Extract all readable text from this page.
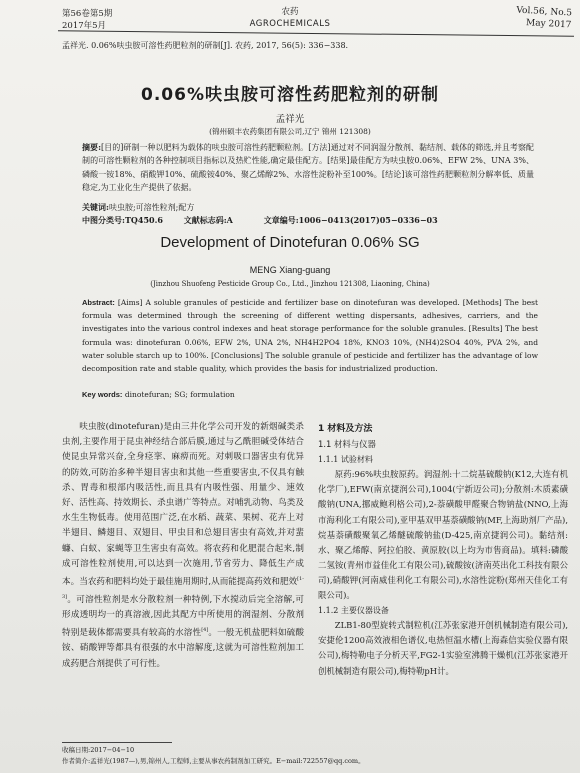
第56卷第5期
2017年5月
农药
AGROCHEMICALS
Vol.56, No.5
May 2017
孟祥光. 0.06%呋虫胺可溶性药肥粒剂的研制[J]. 农药, 2017, 56(5): 336−338.
0.06%呋虫胺可溶性药肥粒剂的研制
孟祥光
(锦州硕丰农药集团有限公司,辽宁 锦州 121308)
摘要:[目的]研制一种以肥料为载体的呋虫胺可溶性药肥颗粒剂。[方法]通过对不同润湿分散剂、黏结剂、载体的筛选,并且考察配制的可溶性颗粒剂的各种控制项目指标以及热贮性能,确定最佳配方。[结果]最佳配方为呋虫胺0.06%、EFW 2%、UNA 3%、磷酸一铵18%、硝酸钾10%、硫酸铵40%、聚乙烯醇2%、水溶性淀粉补至100%。[结论]该可溶性药肥颗粒剂分解率低、质量稳定,为工业化生产提供了依据。
关键词:呋虫胺;可溶性粒剂;配方
中图分类号:TQ450.6	文献标志码:A	文章编号:1006−0413(2017)05−0336−03
Development of Dinotefuran 0.06% SG
MENG Xiang-guang
(Jinzhou Shuofeng Pesticide Group Co., Ltd., Jinzhou 121308, Liaoning, China)
Abstract: [Aims] A soluble granules of pesticide and fertilizer base on dinotefuran was developed. [Methods] The best formula was determined through the screening of different wetting dispersants, adhesives, carriers, and the investigates into the various control indexes and heat storage performance for the soluble granules. [Results] The best formula was: dinotefuran 0.06%, EFW 2%, UNA 2%, NH4H2PO4 18%, KNO3 10%, (NH4)2SO4 40%, PVA 2%, and water soluble starch up to 100%. [Conclusions] The soluble granule of pesticide and fertilizer has the advantage of low decomposition rate and stable quality, which provides the basis for industrialized production.
Key words: dinotefuran; SG; formulation
呋虫胺(dinotefuran)是由三井化学公司开发的新烟碱类杀虫剂,主要作用于昆虫神经结合部后膜,通过与乙酰胆碱受体结合使昆虫异常兴奋,全身痉挛、麻痹而死。对刺吸口器害虫有优异的防效,可防治多种半翅目害虫和其他一些重要害虫,不仅具有触杀、胃毒和根部内吸活性,而且具有内吸性强、用量少、速效好、活性高、持效期长、杀虫谱广等特点。对哺乳动物、鸟类及水生生物低毒。使用范围广泛,在水稻、蔬菜、果树、花卉上对半翅目、鳞翅目、双翅目、甲虫目和总翅目害虫有高效,并对蜚蠊、白蚁、家蝇等卫生害虫有高效。将农药和化肥混合起来,制成可溶性粒剂使用,可以达到一次施用,节省劳力、降低生产成本。当农药和肥料均处于最佳施用期时,从而能提高药效和肥效[1-3]。可溶性粒剂是水分散粒剂一种特例,下水搅动后完全溶解,可形成透明均一的真溶液,因此其配方中所使用的润湿剂、分散剂特别是载体都需要具有较高的水溶性[4]。一般无机盐肥料如硫酸铵、硝酸钾等都具有很强的水中溶解度,这就为可溶性粒剂加工成药肥合剂提供了可行性。
1 材料及方法
1.1 材料与仪器
1.1.1 试验材料
原药:96%呋虫胺原药。润湿剂:十二烷基硫酸钠(K12,大连有机化学厂),EFW(南京捷润公司),1004(宁新迈公司);分散剂:木质素磺酸钠(UNA,挪威鲍利格公司),2-萘磺酸甲醛聚合物钠盐(NNO,上海市海利化工有限公司),亚甲基双甲基萘磺酸钠(MF,上海助剂厂产品),烷基萘磺酸聚氧乙烯醚硫酸钠盐(D-425,南京捷润公司)。黏结剂:水、聚乙烯醇、阿拉伯胶、黄原胶(以上均为市售商品)。填料:磷酸二氢铵(青州市益佳化工有限公司),硫酸铵(济南英出化工科技有限公司),硝酸钾(河南威佳利化工有限公司),水溶性淀粉(郑州天佳化工有限公司)。
1.1.2 主要仪器设备
ZLB1-80型旋转式制粒机(江苏张家港开创机械制造有限公司),安捷伦1200高效液相色谱仪,电热恒温水槽(上海森信实验仪器有限公司),梅特勒电子分析天平,FG2-1实验室沸腾干燥机(江苏张家港开创机械制造有限公司),梅特勒pH计。
收稿日期:2017−04−10
作者简介:孟祥光(1987—),男,锦州人,工程师,主要从事农药制剂加工研究。E−mail:722557@qq.com。
